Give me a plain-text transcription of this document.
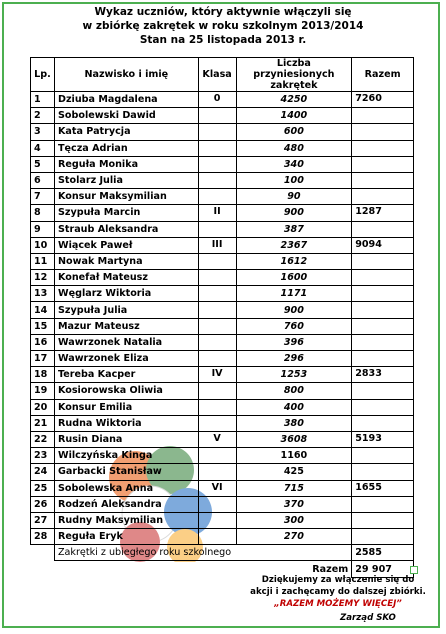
Wykaz uczniów, który aktywnie włączyli się
w zbiórkę zakrętek w roku szkolnym 2013/2014
Stan na 25 listopada 2013 r.
Lp.	Nazwisko i imię	Klasa	Liczba przyniesionych zakrętek	Razem
1	Dziuba Magdalena	0	4250	7260
2	Sobolewski Dawid		1400	
3	Kata Patrycja		600	
4	Tęcza Adrian		480	
5	Reguła Monika		340	
6	Stolarz Julia		100	
7	Konsur Maksymilian		90	
8	Szypuła Marcin	II	900	1287
9	Straub Aleksandra		387	
10	Wiącek Paweł	III	2367	9094
11	Nowak Martyna		1612	
12	Konefał Mateusz		1600	
13	Węglarz Wiktoria		1171	
14	Szypuła Julia		900	
15	Mazur Mateusz		760	
16	Wawrzonek Natalia		396	
17	Wawrzonek Eliza		296	
18	Tereba Kacper	IV	1253	2833
19	Kosiorowska Oliwia		800	
20	Konsur Emilia		400	
21	Rudna Wiktoria		380	
22	Rusin Diana	V	3608	5193
23	Wilczyńska Kinga		1160	
24	Garbacki Stanisław		425	
25	Sobolewska Anna	VI	715	1655
26	Rodzeń Aleksandra		370	
27	Rudny Maksymilian		300	
28	Reguła Eryk		270	
	Zakrętki z ubiegłego roku szkolnego			2585
Razem				29 907
Dziękujemy za włączenie się do
akcji i zachęcamy do dalszej zbiórki.
„RAZEM MOŻEMY WIĘCEJ”
Zarząd SKO
